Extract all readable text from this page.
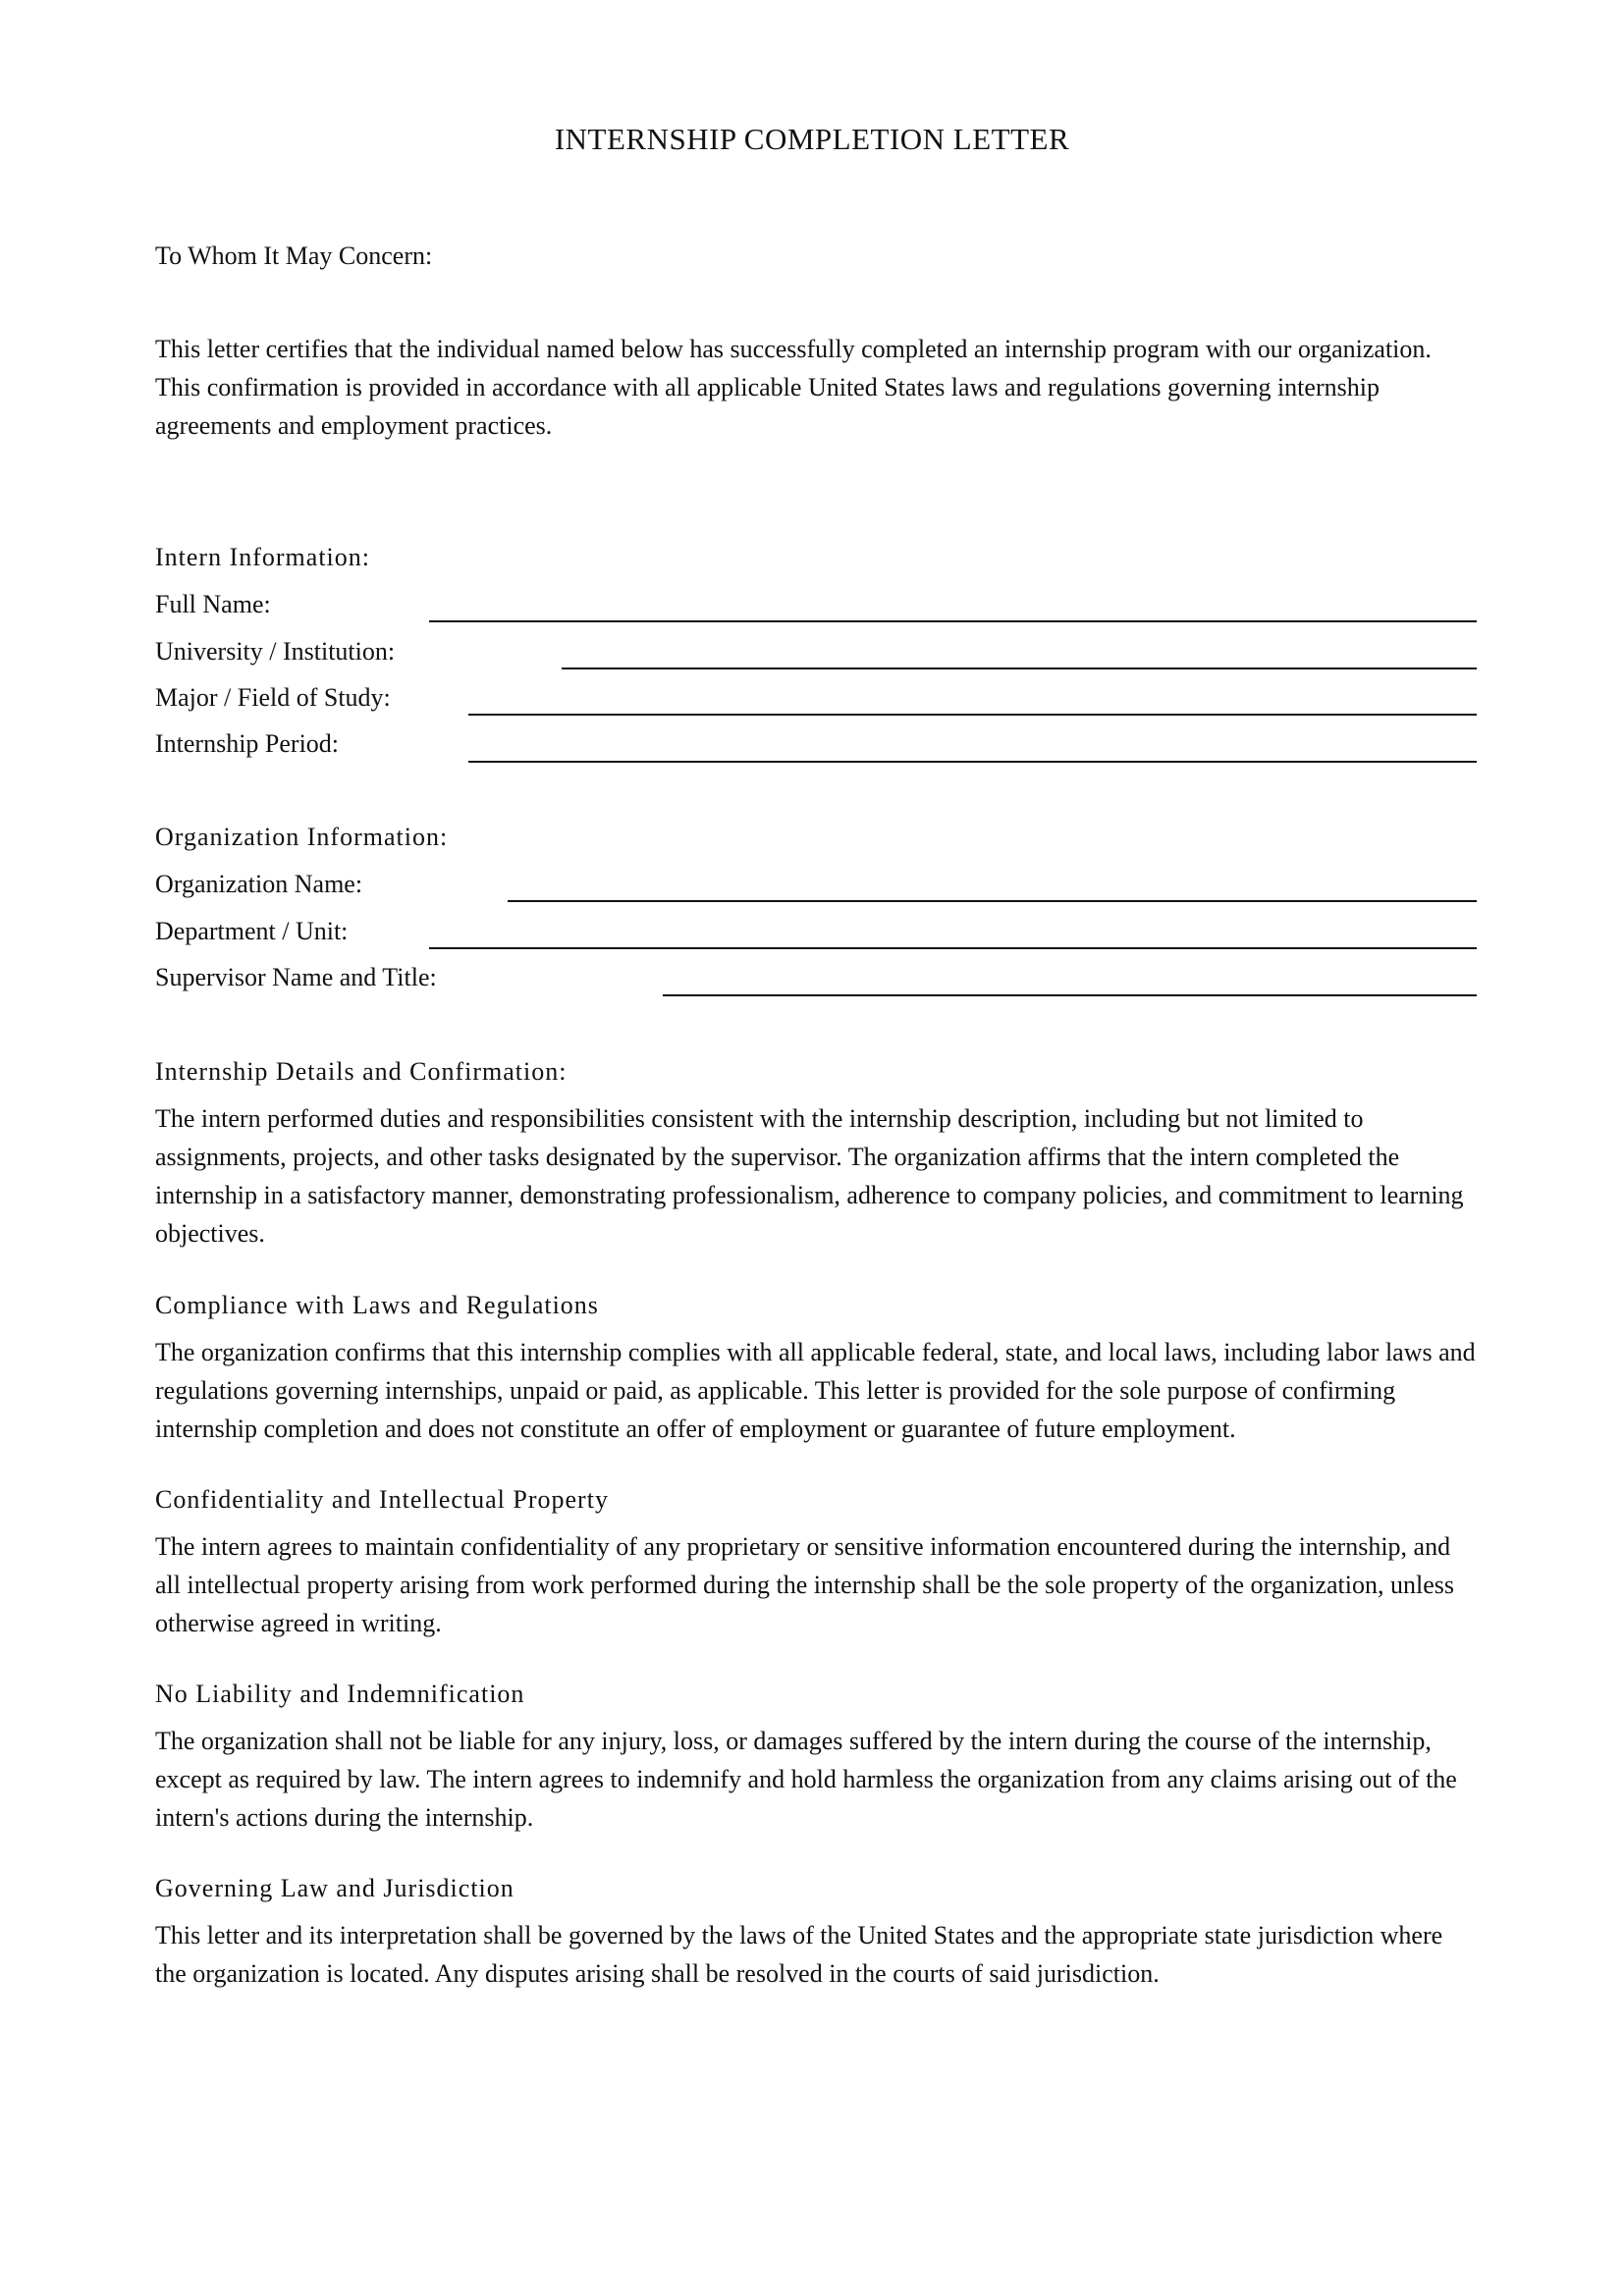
INTERNSHIP COMPLETION LETTER

To Whom It May Concern:

This letter certifies that the individual named below has successfully completed an internship program with our organization. This confirmation is provided in accordance with all applicable United States laws and regulations governing internship agreements and employment practices.

Intern Information:

Full Name:

University / Institution:

Major / Field of Study:

Internship Period:

Organization Information:

Organization Name:

Department / Unit:

Supervisor Name and Title:

Internship Details and Confirmation:

The intern performed duties and responsibilities consistent with the internship description, including but not limited to assignments, projects, and other tasks designated by the supervisor. The organization affirms that the intern completed the internship in a satisfactory manner, demonstrating professionalism, adherence to company policies, and commitment to learning objectives.

Compliance with Laws and Regulations

The organization confirms that this internship complies with all applicable federal, state, and local laws, including labor laws and regulations governing internships, unpaid or paid, as applicable. This letter is provided for the sole purpose of confirming internship completion and does not constitute an offer of employment or guarantee of future employment.

Confidentiality and Intellectual Property

The intern agrees to maintain confidentiality of any proprietary or sensitive information encountered during the internship, and all intellectual property arising from work performed during the internship shall be the sole property of the organization, unless otherwise agreed in writing.

No Liability and Indemnification

The organization shall not be liable for any injury, loss, or damages suffered by the intern during the course of the internship, except as required by law. The intern agrees to indemnify and hold harmless the organization from any claims arising out of the intern's actions during the internship.

Governing Law and Jurisdiction

This letter and its interpretation shall be governed by the laws of the United States and the appropriate state jurisdiction where the organization is located. Any disputes arising shall be resolved in the courts of said jurisdiction.
